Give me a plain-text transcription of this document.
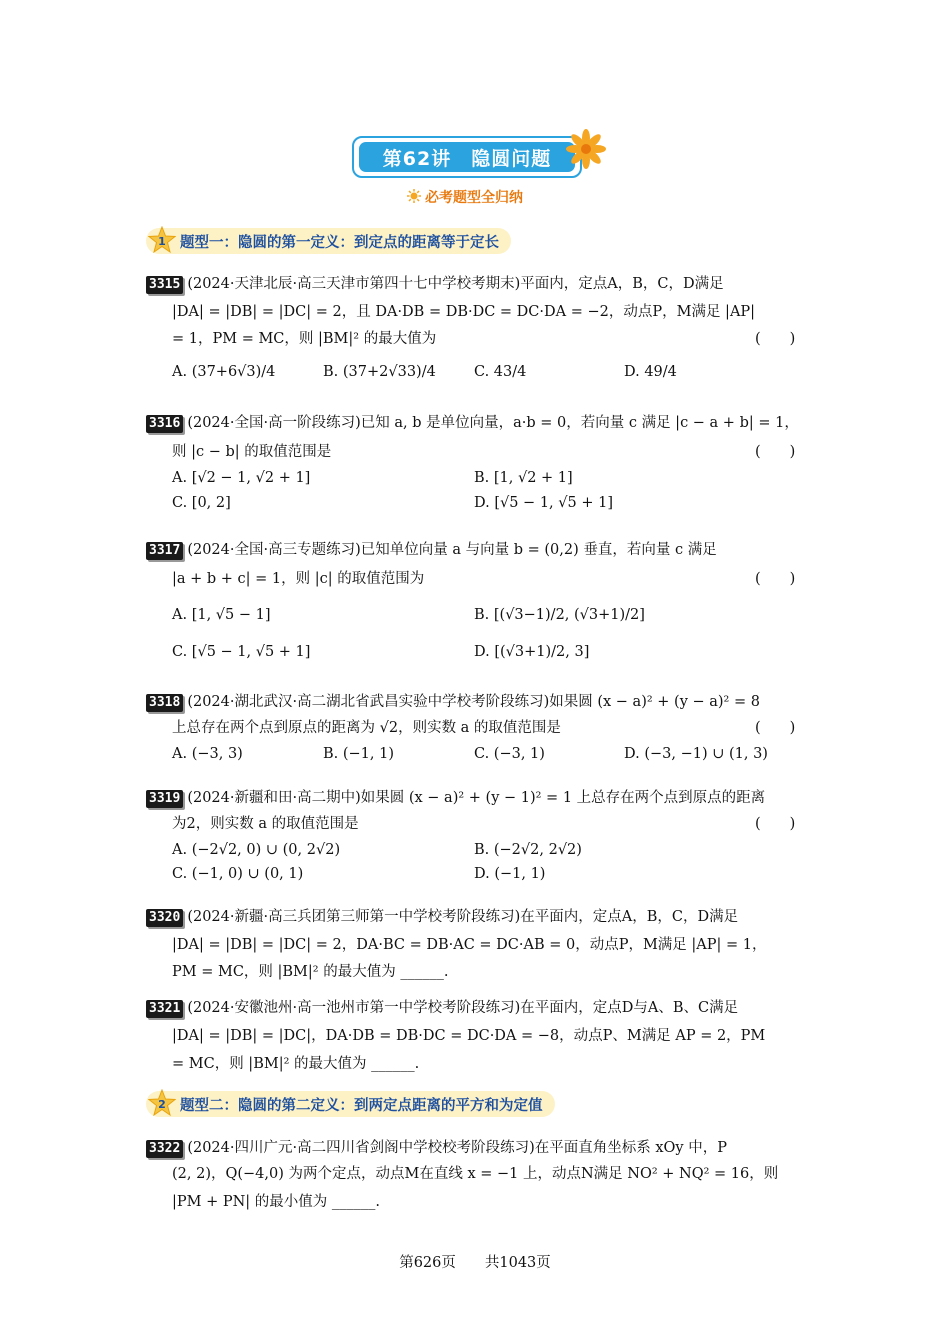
第62讲　隐圆问题
必考题型全归纳
1 题型一：隐圆的第一定义：到定点的距离等于定长
3315 (2024·天津北辰·高三天津市第四十七中学校考期末)平面内，定点A，B，C，D满足
|DA| = |DB| = |DC| = 2，且 DA·DB = DB·DC = DC·DA = −2，动点P，M满足 |AP|
= 1，PM = MC，则 |BM|² 的最大值为	(　　)
A. (37+6√3)/4	B. (37+2√33)/4	C. 43/4	D. 49/4
3316 (2024·全国·高一阶段练习)已知 a, b 是单位向量，a·b = 0，若向量 c 满足 |c − a + b| = 1，
则 |c − b| 的取值范围是	(　　)
A. [√2 − 1, √2 + 1]	B. [1, √2 + 1]
C. [0, 2]	D. [√5 − 1, √5 + 1]
3317 (2024·全国·高三专题练习)已知单位向量 a 与向量 b = (0,2) 垂直，若向量 c 满足
|a + b + c| = 1，则 |c| 的取值范围为	(　　)
A. [1, √5 − 1]	B. [(√3−1)/2, (√3+1)/2]
C. [√5 − 1, √5 + 1]	D. [(√3+1)/2, 3]
3318 (2024·湖北武汉·高二湖北省武昌实验中学校考阶段练习)如果圆 (x − a)² + (y − a)² = 8
上总存在两个点到原点的距离为 √2，则实数 a 的取值范围是	(　　)
A. (−3, 3)	B. (−1, 1)	C. (−3, 1)	D. (−3, −1) ∪ (1, 3)
3319 (2024·新疆和田·高二期中)如果圆 (x − a)² + (y − 1)² = 1 上总存在两个点到原点的距离
为2，则实数 a 的取值范围是	(　　)
A. (−2√2, 0) ∪ (0, 2√2)	B. (−2√2, 2√2)
C. (−1, 0) ∪ (0, 1)	D. (−1, 1)
3320 (2024·新疆·高三兵团第三师第一中学校考阶段练习)在平面内，定点A，B，C，D满足
|DA| = |DB| = |DC| = 2，DA·BC = DB·AC = DC·AB = 0，动点P，M满足 |AP| = 1，
PM = MC，则 |BM|² 的最大值为 ______.
3321 (2024·安徽池州·高一池州市第一中学校考阶段练习)在平面内，定点D与A、B、C满足
|DA| = |DB| = |DC|，DA·DB = DB·DC = DC·DA = −8，动点P、M满足 AP = 2，PM
= MC，则 |BM|² 的最大值为 ______.
2 题型二：隐圆的第二定义：到两定点距离的平方和为定值
3322 (2024·四川广元·高二四川省剑阁中学校校考阶段练习)在平面直角坐标系 xOy 中，P
(2, 2)，Q(−4,0) 为两个定点，动点M在直线 x = −1 上，动点N满足 NO² + NQ² = 16，则
|PM + PN| 的最小值为 ______.
第626页　　共1043页
